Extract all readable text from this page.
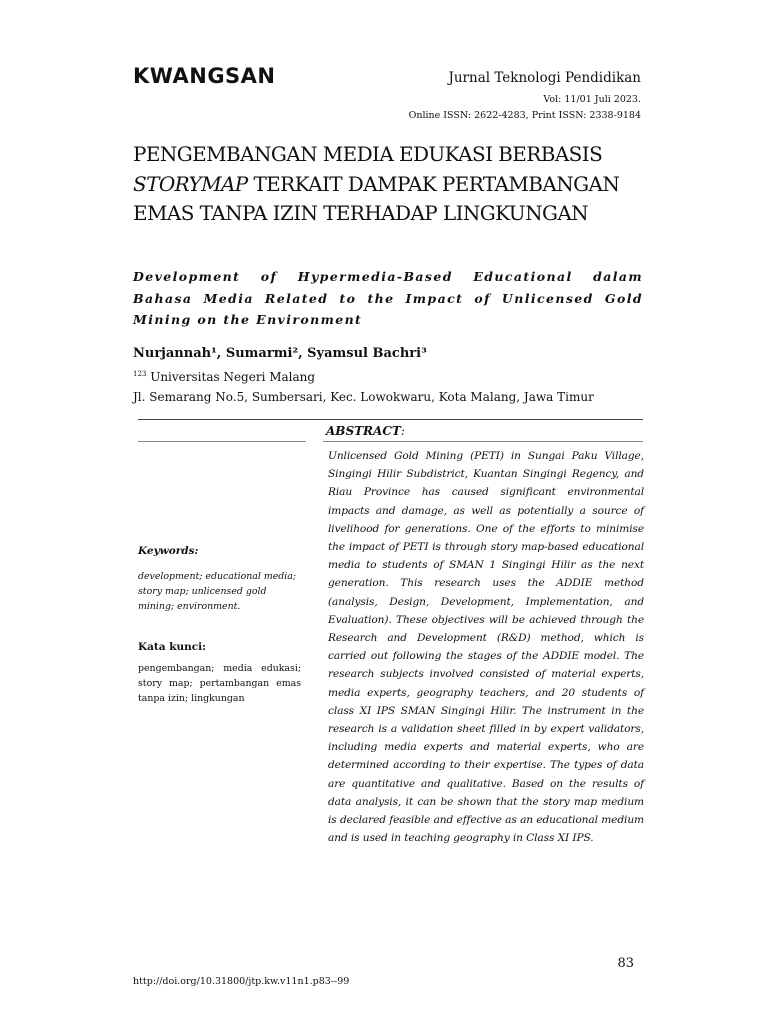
KWANGSAN	Jurnal Teknologi Pendidikan
Vol: 11/01 Juli 2023.
Online ISSN: 2622-4283, Print ISSN: 2338-9184
PENGEMBANGAN MEDIA EDUKASI BERBASIS
STORYMAP TERKAIT DAMPAK PERTAMBANGAN EMAS TANPA IZIN TERHADAP LINGKUNGAN

Development of Hypermedia-Based Educational dalam Bahasa Media Related to the Impact of Unlicensed Gold Mining on the Environment

Nurjannah¹, Sumarmi², Syamsul Bachri³
$^{123}$ Universitas Negeri Malang
Jl. Semarang No.5, Sumbersari, Kec. Lowokwaru, Kota Malang, Jawa Timur
ABSTRACT:

Unlicensed Gold Mining (PETI) in Sungai Paku Village, Singingi Hilir Subdistrict, Kuantan Singingi Regency, and Riau Province has caused significant environmental impacts and damage, as well as potentially a source of livelihood for generations. One of the efforts to minimise the impact of PETI is through story map-based educational media to students of SMAN 1 Singingi Hilir as the next generation. This research uses the ADDIE method (analysis, Design, Development, Implementation, and Evaluation). These objectives will be achieved through the Research and Development (R&D) method, which is carried out following the stages of the ADDIE model. The research subjects involved consisted of material experts, media experts, geography teachers, and 20 students of class XI IPS SMAN Singingi Hilir. The instrument in the research is a validation sheet filled in by expert validators, including media experts and material experts, who are determined according to their expertise. The types of data are quantitative and qualitative. Based on the results of data analysis, it can be shown that the story map medium is declared feasible and effective as an educational medium and is used in teaching geography in Class XI IPS.

Keywords:

development; educational media; story map; unlicensed gold mining; environment.

Kata kunci:

pengembangan; media edukasi; story map; pertambangan emas tanpa izin; lingkungan

83
http://doi.org/10.31800/jtp.kw.v11n1.p83--99
